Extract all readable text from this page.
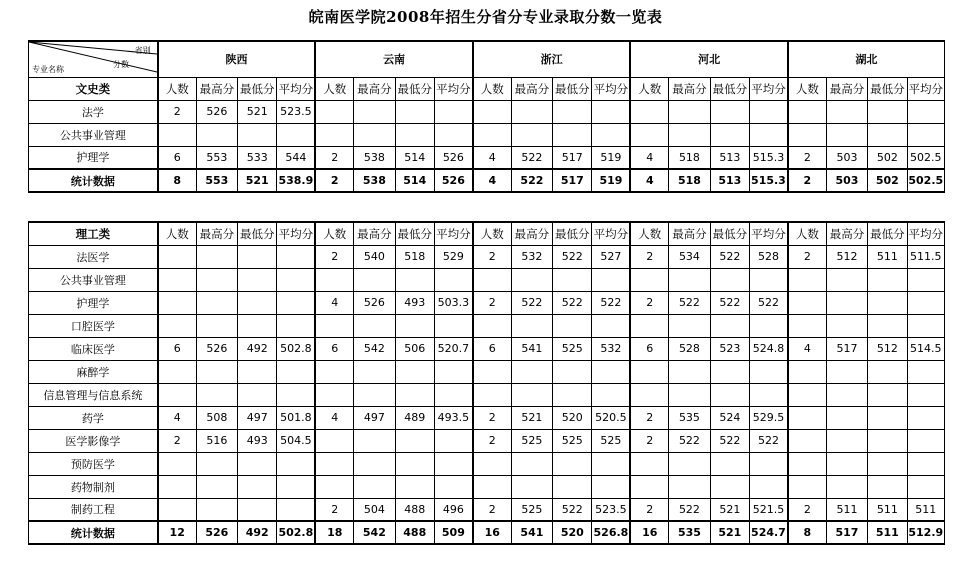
皖南医学院2008年招生分省分专业录取分数一览表
省别
分数
专业名称	陕西				云南				浙江				河北				湖北			
文史类	人数	最高分	最低分	平均分	人数	最高分	最低分	平均分	人数	最高分	最低分	平均分	人数	最高分	最低分	平均分	人数	最高分	最低分	平均分
法学	2	526	521	523.5																
公共事业管理																				
护理学	6	553	533	544	2	538	514	526	4	522	517	519	4	518	513	515.3	2	503	502	502.5
统计数据	8	553	521	538.9	2	538	514	526	4	522	517	519	4	518	513	515.3	2	503	502	502.5

理工类	人数	最高分	最低分	平均分	人数	最高分	最低分	平均分	人数	最高分	最低分	平均分	人数	最高分	最低分	平均分	人数	最高分	最低分	平均分
法医学					2	540	518	529	2	532	522	527	2	534	522	528	2	512	511	511.5
公共事业管理																				
护理学					4	526	493	503.3	2	522	522	522	2	522	522	522				
口腔医学																				
临床医学	6	526	492	502.8	6	542	506	520.7	6	541	525	532	6	528	523	524.8	4	517	512	514.5
麻醉学																				
信息管理与信息系统																				
药学	4	508	497	501.8	4	497	489	493.5	2	521	520	520.5	2	535	524	529.5				
医学影像学	2	516	493	504.5					2	525	525	525	2	522	522	522				
预防医学																				
药物制剂																				
制药工程					2	504	488	496	2	525	522	523.5	2	522	521	521.5	2	511	511	511
统计数据	12	526	492	502.8	18	542	488	509	16	541	520	526.8	16	535	521	524.7	8	517	511	512.9
